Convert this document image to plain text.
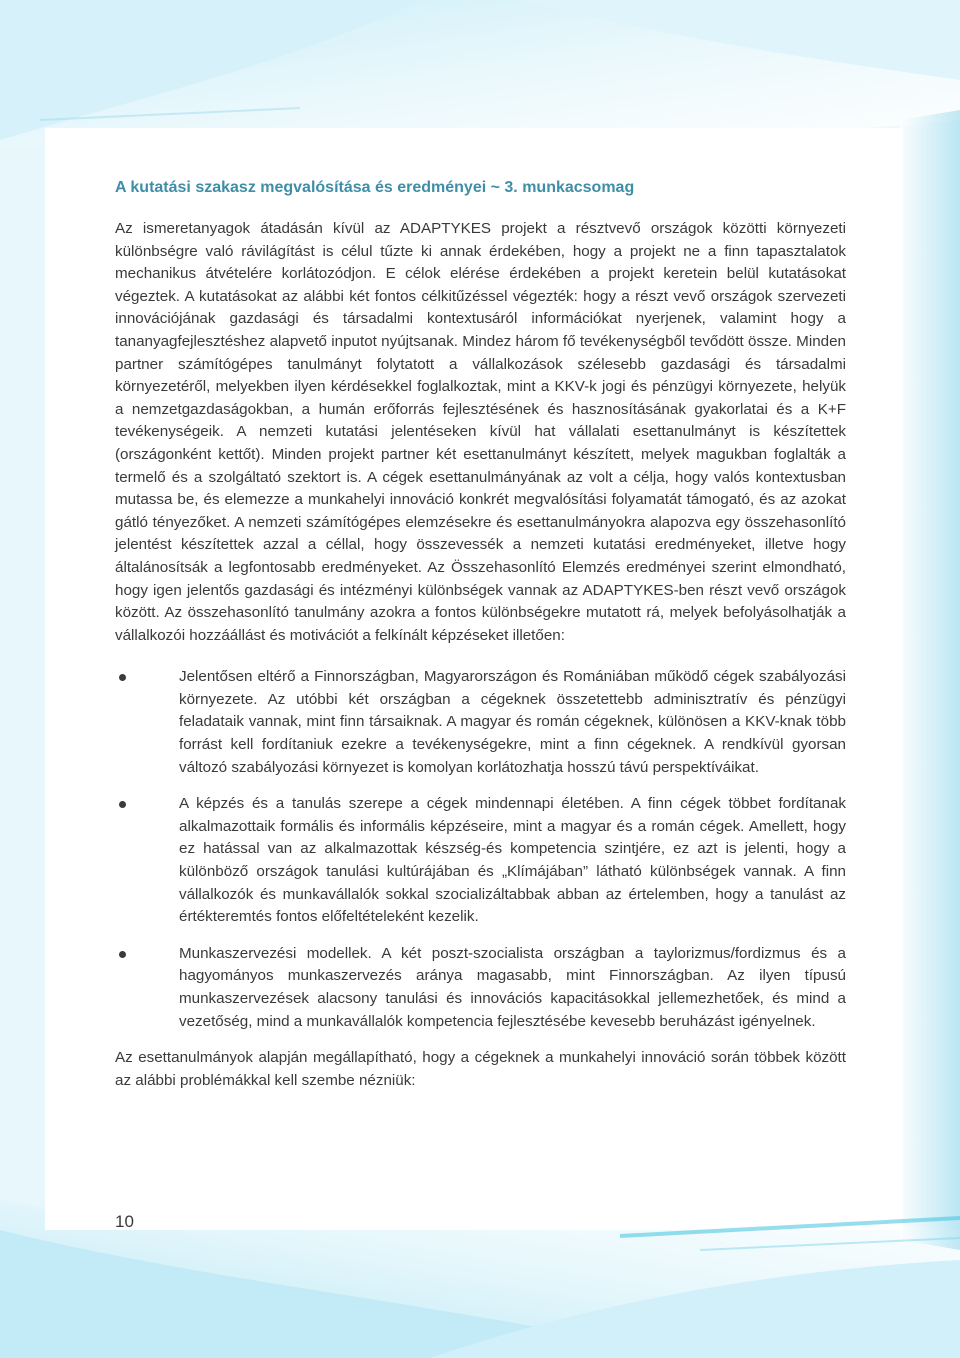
A kutatási szakasz megvalósítása és eredményei ~ 3. munkacsomag

Az ismeretanyagok átadásán kívül az ADAPTYKES projekt a résztvevő országok közötti környezeti különbségre való rávilágítást is célul tűzte ki annak érdekében, hogy a projekt ne a finn tapasztalatok mechanikus átvételére korlátozódjon. E célok elérése érdekében a projekt keretein belül kutatásokat végeztek. A kutatásokat az alábbi két fontos célkitűzéssel végezték: hogy a részt vevő országok szervezeti innovációjának gazdasági és társadalmi kontextusáról információkat nyerjenek, valamint hogy a tananyagfejlesztéshez alapvető inputot nyújtsanak. Mindez három fő tevékenységből tevődött össze. Minden partner számítógépes tanulmányt folytatott a vállalkozások szélesebb gazdasági és társadalmi környezetéről, melyekben ilyen kérdésekkel foglalkoztak, mint a KKV-k jogi és pénzügyi környezete, helyük a nemzetgazdaságokban, a humán erőforrás fejlesztésének és hasznosításának gyakorlatai és a K+F tevékenységeik. A nemzeti kutatási jelentéseken kívül hat vállalati esettanulmányt is készítettek (országonként kettőt). Minden projekt partner két esettanulmányt készített, melyek magukban foglalták a termelő és a szolgáltató szektort is. A cégek esettanulmányának az volt a célja, hogy valós kontextusban mutassa be, és elemezze a munkahelyi innováció konkrét megvalósítási folyamatát támogató, és az azokat gátló tényezőket. A nemzeti számítógépes elemzésekre és esettanulmányokra alapozva egy összehasonlító jelentést készítettek azzal a céllal, hogy összevessék a nemzeti kutatási eredményeket, illetve hogy általánosítsák a legfontosabb eredményeket. Az Összehasonlító Elemzés eredményei szerint elmondható, hogy igen jelentős gazdasági és intézményi különbségek vannak az ADAPTYKES-ben részt vevő országok között. Az összehasonlító tanulmány azokra a fontos különbségekre mutatott rá, melyek befolyásolhatják a vállalkozói hozzáállást és motivációt a felkínált képzéseket illetően:

Jelentősen eltérő a Finnországban, Magyarországon és Romániában működő cégek szabályozási környezete. Az utóbbi két országban a cégeknek összetettebb adminisztratív és pénzügyi feladataik vannak, mint finn társaiknak. A magyar és román cégeknek, különösen a KKV-knak több forrást kell fordítaniuk ezekre a tevékenységekre, mint a finn cégeknek. A rendkívül gyorsan változó szabályozási környezet is komolyan korlátozhatja hosszú távú perspektíváikat.
A képzés és a tanulás szerepe a cégek mindennapi életében. A finn cégek többet fordítanak alkalmazottaik formális és informális képzéseire, mint a magyar és a román cégek. Amellett, hogy ez hatással van az alkalmazottak készség-és kompetencia szintjére, ez azt is jelenti, hogy a különböző országok tanulási kultúrájában és „Klímájában” látható különbségek vannak. A finn vállalkozók és munkavállalók sokkal szocializáltabbak abban az értelemben, hogy a tanulást az értékteremtés fontos előfeltételeként kezelik.
Munkaszervezési modellek. A két poszt-szocialista országban a taylorizmus/fordizmus és a hagyományos munkaszervezés aránya magasabb, mint Finnországban. Az ilyen típusú munkaszervezések alacsony tanulási és innovációs kapacitásokkal jellemezhetőek, és mind a vezetőség, mind a munkavállalók kompetencia fejlesztésébe kevesebb beruházást igényelnek.

Az esettanulmányok alapján megállapítható, hogy a cégeknek a munkahelyi innováció során többek között az alábbi problémákkal kell szembe nézniük:

10
